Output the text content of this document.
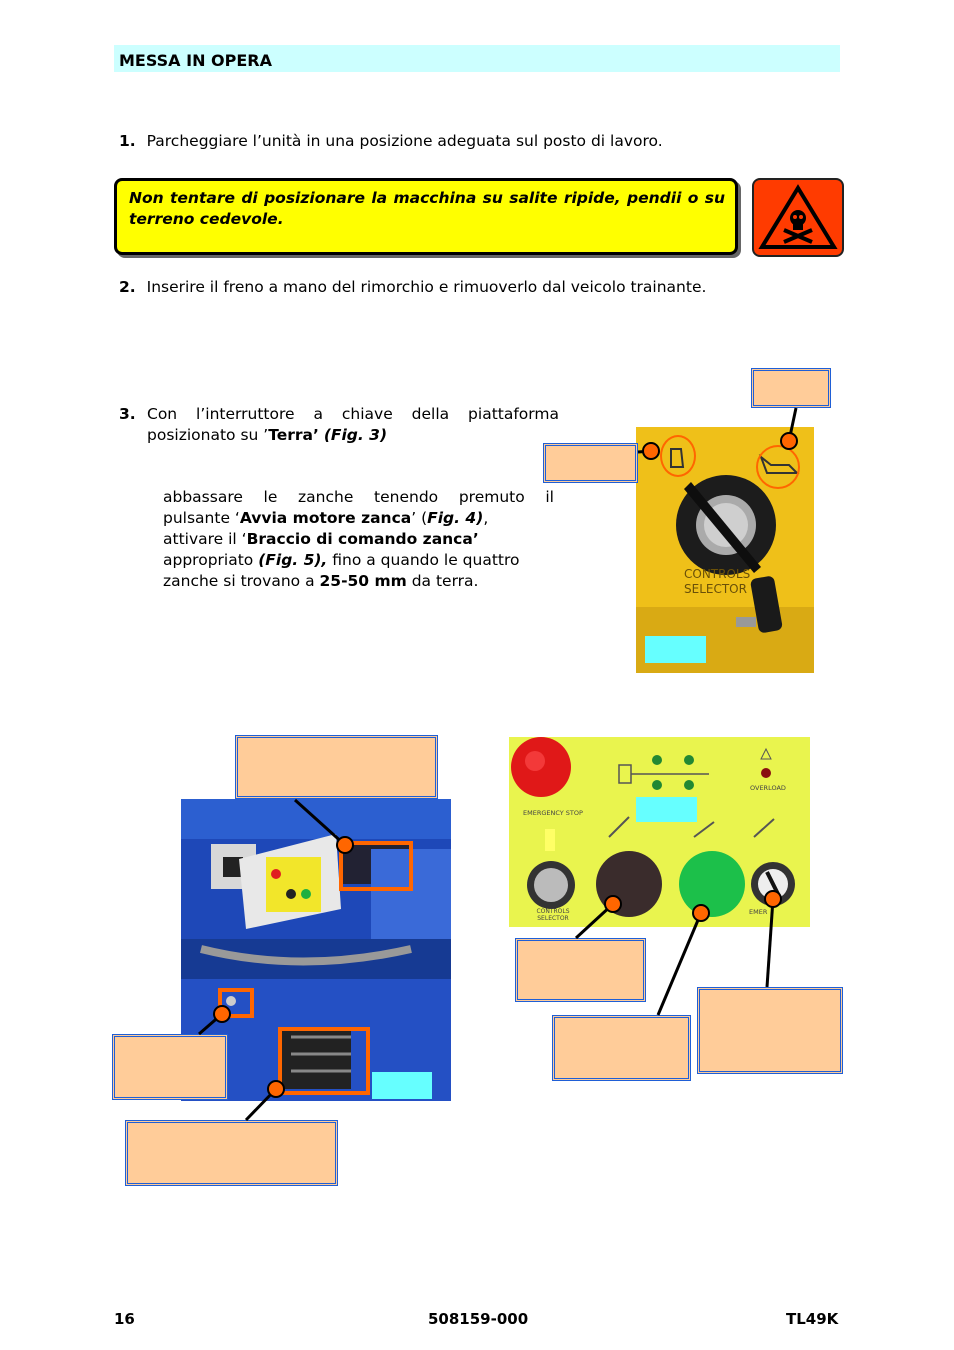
MESSA IN OPERA
1. Parcheggiare l’unità in una posizione adeguata sul posto di lavoro.

Non tentare di posizionare la macchina su salite ripide, pendii o su terreno cedevole.

2. Inserire il freno a mano del rimorchio e rimuoverlo dal veicolo trainante.
3. Con l’interruttore a chiave della piattaforma
posizionato su ’Terra’ (Fig. 3)
abbassare le zanche tenendo premuto il
pulsante ‘Avvia motore zanca’ (Fig. 4),
attivare il ‘Braccio di comando zanca’
appropriato (Fig. 5), fino a quando le quattro
zanche si trovano a 25-50 mm da terra.	CONTROLS
SELECTOR
EMERGENCY STOP
OVERLOAD
CONTROLS SELECTOR
EMER
16	508159-000	TL49K
